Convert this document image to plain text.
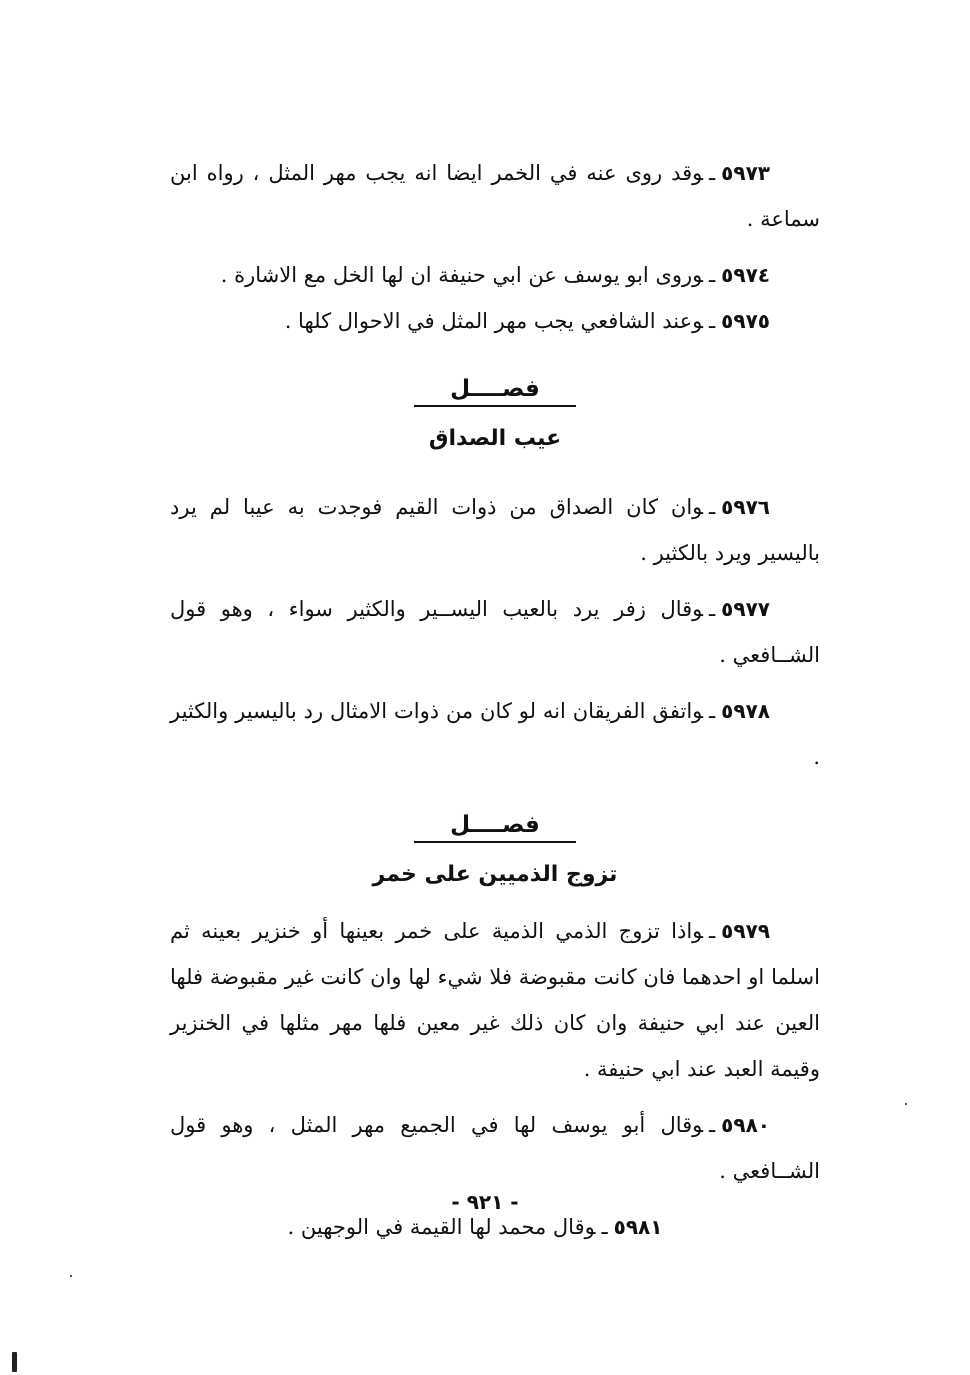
٥٩٧٣ـوقد روى عنه في الخمر ايضا انه يجب مهر المثل ، رواه ابن سماعة .

٥٩٧٤ـوروى ابو يوسف عن ابي حنيفة ان لها الخل مع الاشارة .

٥٩٧٥ـوعند الشافعي يجب مهر المثل في الاحوال كلها .

فصــــل
عيب الصداق

٥٩٧٦ـوان كان الصداق من ذوات القيم فوجدت به عيبا لم يرد باليسير ويرد بالكثير .

٥٩٧٧ـوقال زفر يرد بالعيب اليســير والكثير سواء ، وهو قول الشــافعي .

٥٩٧٨ـواتفق الفريقان انه لو كان من ذوات الامثال رد باليسير والكثير .

فصــــل
تزوج الذميين على خمر

٥٩٧٩ـواذا تزوج الذمي الذمية على خمر بعينها أو خنزير بعينه ثم اسلما او احدهما فان كانت مقبوضة فلا شيء لها وان كانت غير مقبوضة فلها العين عند ابي حنيفة وان كان ذلك غير معين فلها مهر مثلها في الخنزير وقيمة العبد عند ابي حنيفة .

٥٩٨٠ـوقال أبو يوسف لها في الجميع مهر المثل ، وهو قول الشــافعي .

٥٩٨١ـوقال محمد لها القيمة في الوجهين .

- ٩٢١ -
